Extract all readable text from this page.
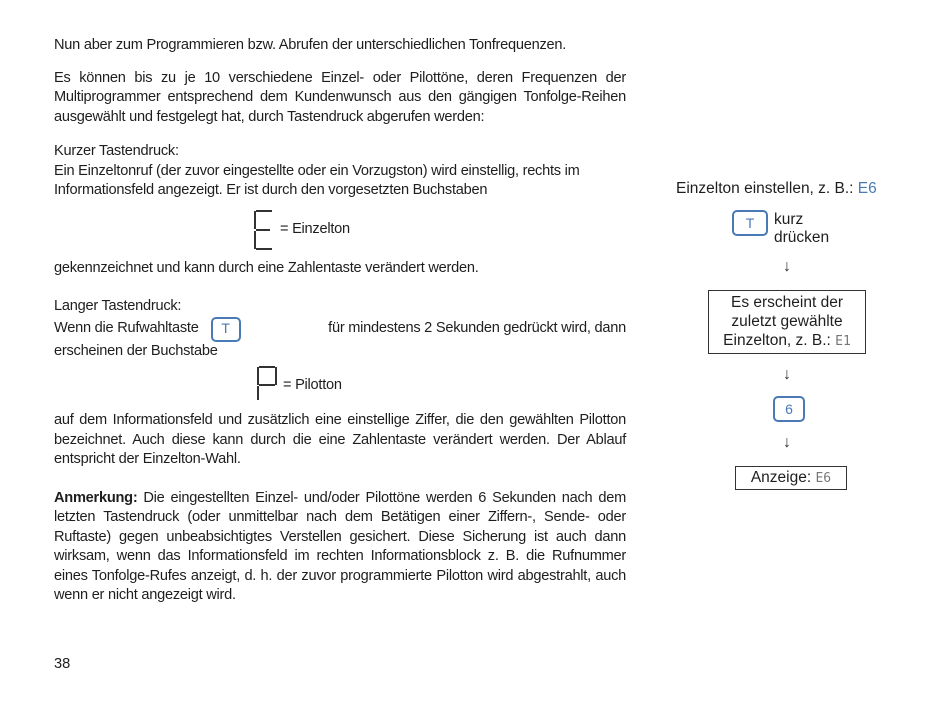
Nun aber zum Programmieren bzw. Abrufen der unterschiedlichen Tonfrequenzen.

Es können bis zu je 10 verschiedene Einzel- oder Pilottöne, deren Frequenzen der Multiprogrammer entsprechend dem Kundenwunsch aus den gängigen Tonfolge-Reihen ausgewählt und festgelegt hat, durch Tastendruck abgerufen werden:

Kurzer Tastendruck:

Ein Einzeltonruf (der zuvor eingestellte oder ein Vorzugston) wird einstellig, rechts im Informationsfeld angezeigt. Er ist durch den vorgesetzten Buchstaben

= Einzelton

gekennzeichnet und kann durch eine Zahlentaste verändert werden.

Langer Tastendruck:

Wenn die Rufwahltaste	T	für mindestens 2 Sekunden gedrückt wird, dann

erscheinen der Buchstabe

= Pilotton

auf dem Informationsfeld und zusätzlich eine einstellige Ziffer, die den gewählten Pilotton bezeichnet. Auch diese kann durch die eine Zahlentaste verändert werden. Der Ablauf entspricht der Einzelton-Wahl.

Anmerkung: Die eingestellten Einzel- und/oder Pilottöne werden 6 Sekunden nach dem letzten Tastendruck (oder unmittelbar nach dem Betätigen einer Ziffern-, Sende- oder Ruftaste) gegen unbeabsichtigtes Verstellen gesichert. Diese Sicherung ist auch dann wirksam, wenn das Informationsfeld im rechten Informationsblock z. B. die Rufnummer eines Tonfolge-Rufes anzeigt, d. h. der zuvor programmierte Pilotton wird abgestrahlt, auch wenn er nicht angezeigt wird.

38
Einzelton einstellen, z. B.: E6
T	kurz
drücken
↓
Es erscheint der
zuletzt gewählte
Einzelton, z. B.: E1
↓
6
↓
Anzeige: E6
